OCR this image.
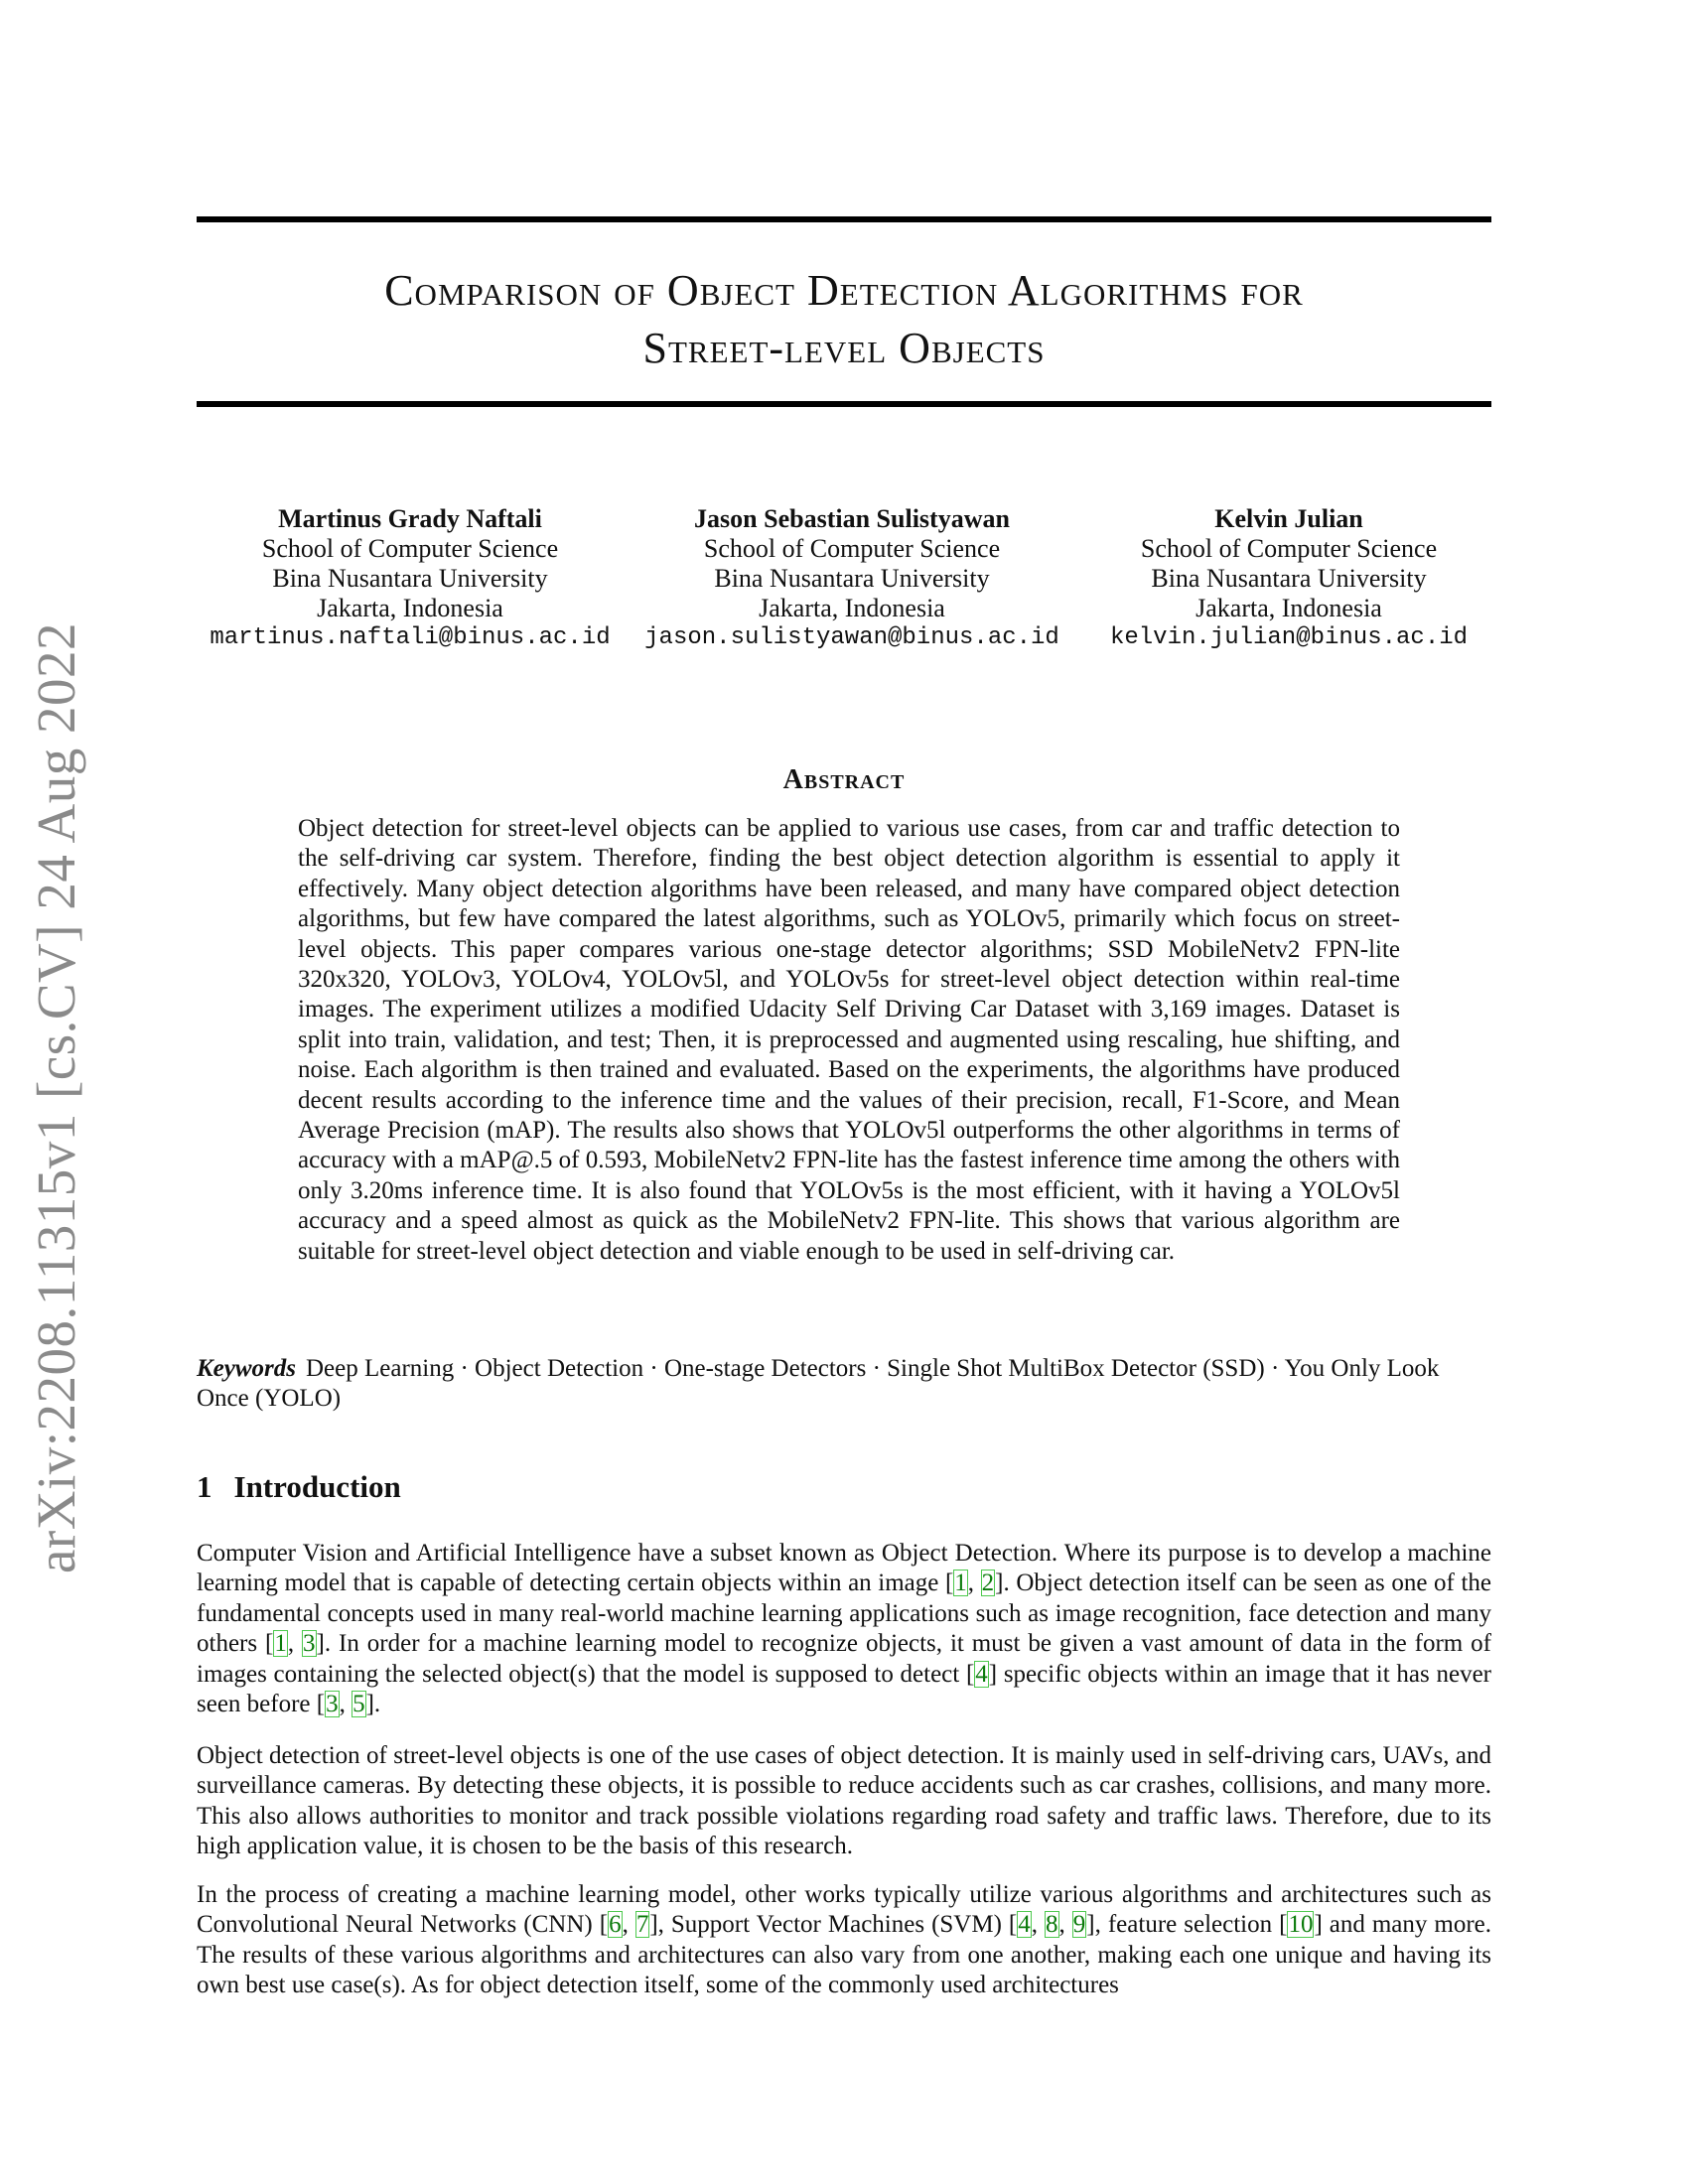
arXiv:2208.11315v1 [cs.CV] 24 Aug 2022
Comparison of Object Detection Algorithms for
Street-level Objects
Martinus Grady Naftali
School of Computer Science
Bina Nusantara University
Jakarta, Indonesia
martinus.naftali@binus.ac.id
Jason Sebastian Sulistyawan
School of Computer Science
Bina Nusantara University
Jakarta, Indonesia
jason.sulistyawan@binus.ac.id
Kelvin Julian
School of Computer Science
Bina Nusantara University
Jakarta, Indonesia
kelvin.julian@binus.ac.id
Abstract
Object detection for street-level objects can be applied to various use cases, from car and traffic detection to the self-driving car system. Therefore, finding the best object detection algorithm is essential to apply it effectively. Many object detection algorithms have been released, and many have compared object detection algorithms, but few have compared the latest algorithms, such as YOLOv5, primarily which focus on street-level objects. This paper compares various one-stage detector algorithms; SSD MobileNetv2 FPN-lite 320x320, YOLOv3, YOLOv4, YOLOv5l, and YOLOv5s for street-level object detection within real-time images. The experiment utilizes a modified Udacity Self Driving Car Dataset with 3,169 images. Dataset is split into train, validation, and test; Then, it is preprocessed and augmented using rescaling, hue shifting, and noise. Each algorithm is then trained and evaluated. Based on the experiments, the algorithms have produced decent results according to the inference time and the values of their precision, recall, F1-Score, and Mean Average Precision (mAP). The results also shows that YOLOv5l outperforms the other algorithms in terms of accuracy with a mAP@.5 of 0.593, MobileNetv2 FPN-lite has the fastest inference time among the others with only 3.20ms inference time. It is also found that YOLOv5s is the most efficient, with it having a YOLOv5l accuracy and a speed almost as quick as the MobileNetv2 FPN-lite. This shows that various algorithm are suitable for street-level object detection and viable enough to be used in self-driving car.
Keywords Deep Learning · Object Detection · One-stage Detectors · Single Shot MultiBox Detector (SSD) · You Only Look Once (YOLO)
1 Introduction
Computer Vision and Artificial Intelligence have a subset known as Object Detection. Where its purpose is to develop a machine learning model that is capable of detecting certain objects within an image [1, 2]. Object detection itself can be seen as one of the fundamental concepts used in many real-world machine learning applications such as image recognition, face detection and many others [1, 3]. In order for a machine learning model to recognize objects, it must be given a vast amount of data in the form of images containing the selected object(s) that the model is supposed to detect [4] specific objects within an image that it has never seen before [3, 5].
Object detection of street-level objects is one of the use cases of object detection. It is mainly used in self-driving cars, UAVs, and surveillance cameras. By detecting these objects, it is possible to reduce accidents such as car crashes, collisions, and many more. This also allows authorities to monitor and track possible violations regarding road safety and traffic laws. Therefore, due to its high application value, it is chosen to be the basis of this research.
In the process of creating a machine learning model, other works typically utilize various algorithms and architectures such as Convolutional Neural Networks (CNN) [6, 7], Support Vector Machines (SVM) [4, 8, 9], feature selection [10] and many more. The results of these various algorithms and architectures can also vary from one another, making each one unique and having its own best use case(s). As for object detection itself, some of the commonly used architectures
